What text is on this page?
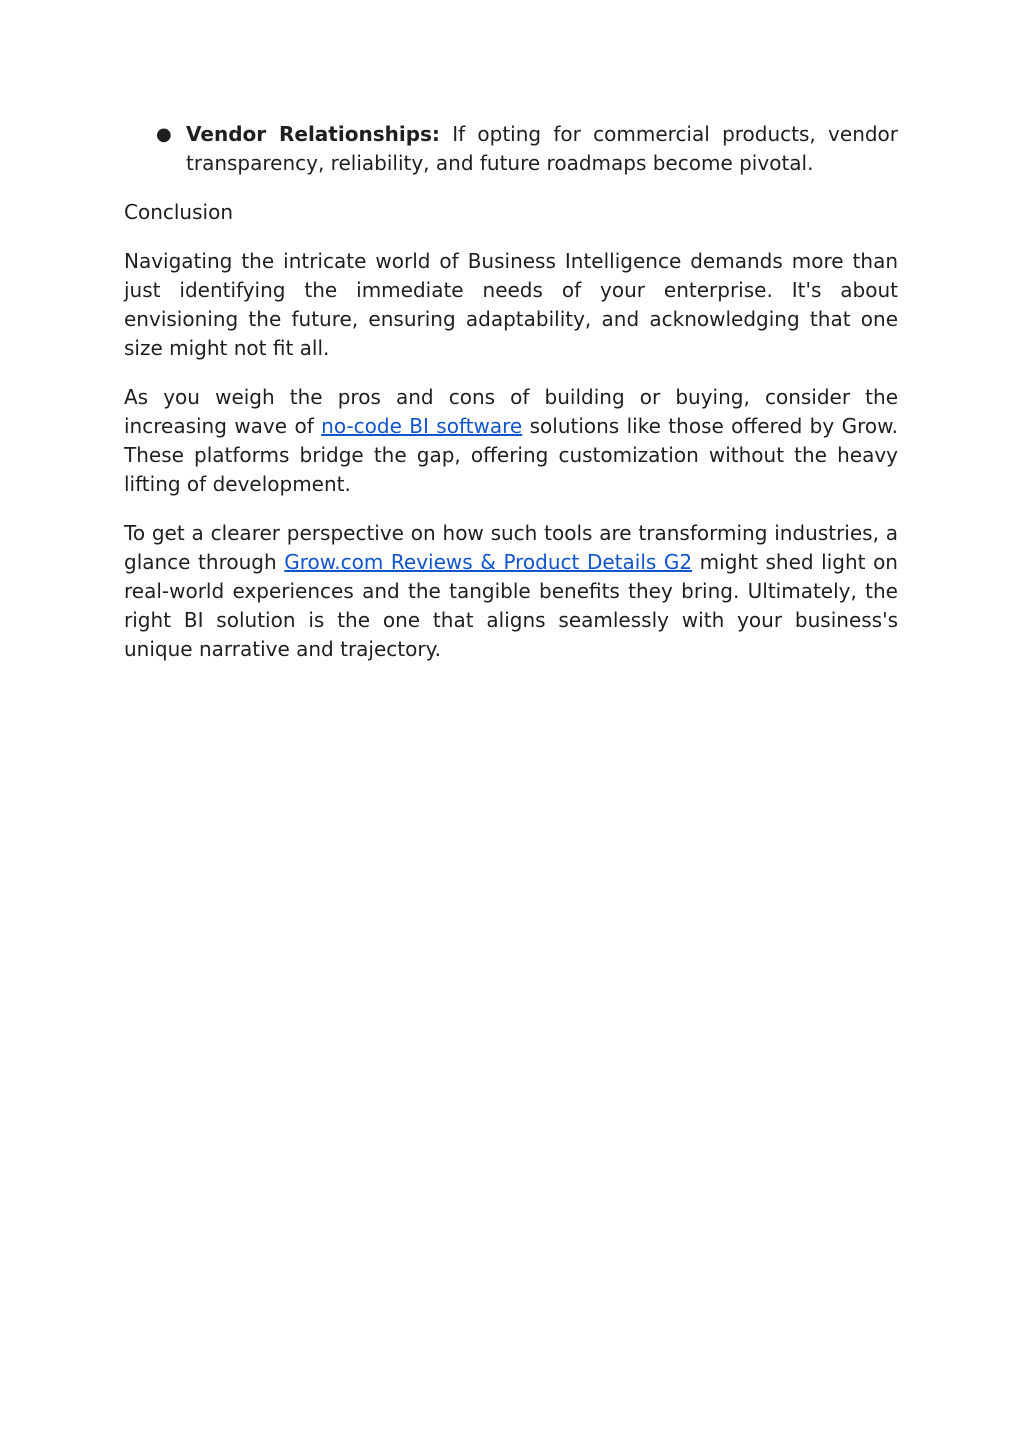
● Vendor Relationships: If opting for commercial products, vendor transparency, reliability, and future roadmaps become pivotal.

Conclusion

Navigating the intricate world of Business Intelligence demands more than just identifying the immediate needs of your enterprise. It's about envisioning the future, ensuring adaptability, and acknowledging that one size might not fit all.

As you weigh the pros and cons of building or buying, consider the increasing wave of no-code BI software solutions like those offered by Grow. These platforms bridge the gap, offering customization without the heavy lifting of development.

To get a clearer perspective on how such tools are transforming industries, a glance through Grow.com Reviews & Product Details G2 might shed light on real-world experiences and the tangible benefits they bring. Ultimately, the right BI solution is the one that aligns seamlessly with your business's unique narrative and trajectory.
